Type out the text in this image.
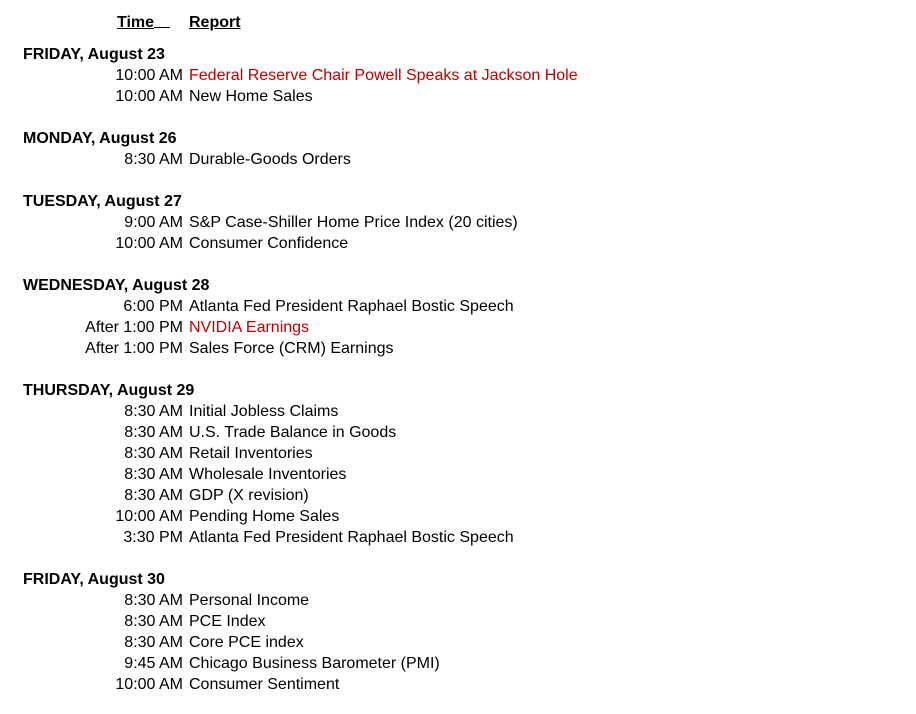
Time	Report
FRIDAY, August 23
10:00 AM Federal Reserve Chair Powell Speaks at Jackson Hole
10:00 AM New Home Sales
MONDAY, August 26
8:30 AM Durable-Goods Orders
TUESDAY, August 27
9:00 AM S&P Case-Shiller Home Price Index (20 cities)
10:00 AM Consumer Confidence
WEDNESDAY, August 28
6:00 PM Atlanta Fed President Raphael Bostic Speech
After 1:00 PM NVIDIA Earnings
After 1:00 PM Sales Force (CRM) Earnings
THURSDAY, August 29
8:30 AM Initial Jobless Claims
8:30 AM U.S. Trade Balance in Goods
8:30 AM Retail Inventories
8:30 AM Wholesale Inventories
8:30 AM GDP (X revision)
10:00 AM Pending Home Sales
3:30 PM Atlanta Fed President Raphael Bostic Speech
FRIDAY, August 30
8:30 AM Personal Income
8:30 AM PCE Index
8:30 AM Core PCE index
9:45 AM Chicago Business Barometer (PMI)
10:00 AM Consumer Sentiment
